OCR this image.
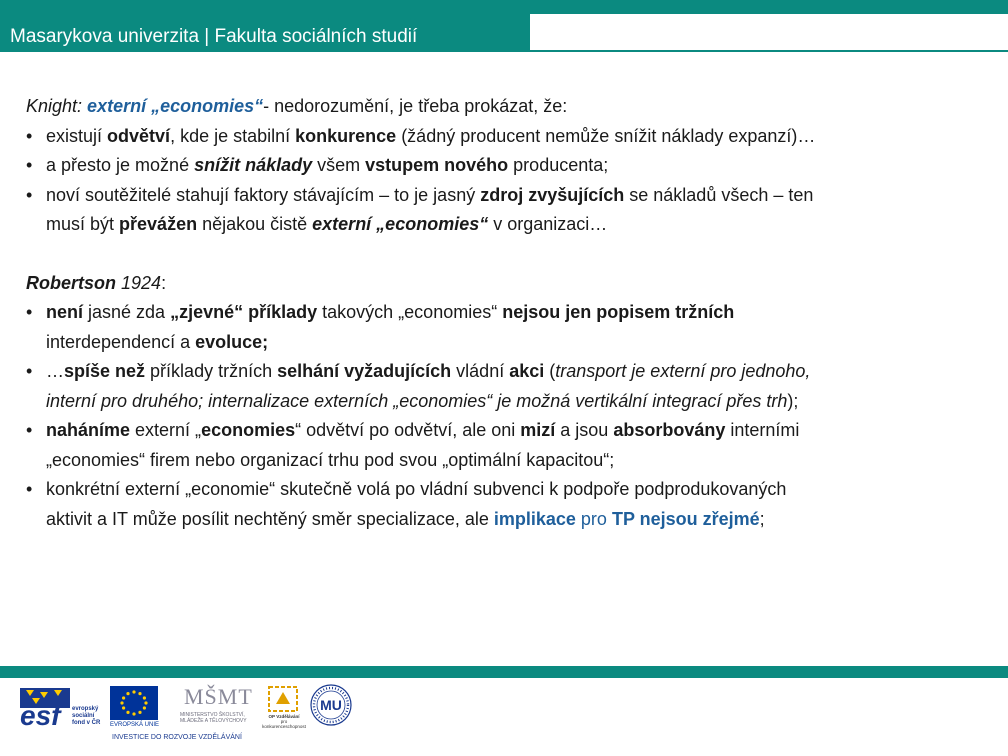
Masarykova univerzita | Fakulta sociálních studií
Knight: externí „economies“- nedorozumění, je třeba prokázat, že:
• existují odvětví, kde je stabilní konkurence (žádný producent nemůže snížit náklady expanzí)…
• a přesto je možné snížit náklady všem vstupem nového producenta;
• noví soutěžitelé stahují faktory stávajícím – to je jasný zdroj zvyšujících se nákladů všech – ten
musí být převážen nějakou čistě externí „economies“ v organizaci…
Robertson 1924:
• není jasné zda „zjevné“ příklady takových „economies“ nejsou jen popisem tržních
interdependencí a evoluce;
• …spíše než příklady tržních selhání vyžadujících vládní akci (transport je externí pro jednoho,
interní pro druhého; internalizace externích „economies“ je možná vertikální integrací přes trh);
• naháníme externí „economies“ odvětví po odvětví, ale oni mizí a jsou absorbovány interními
„economies“ firem nebo organizací trhu pod svou „optimální kapacitou“;
• konkrétní externí „economie“ skutečně volá po vládní subvenci k podpoře podprodukovaných
aktivit a IT může posílit nechtěný směr specializace, ale implikace pro TP nejsou zřejmé;
esf evropský
sociální
fond v ČR EVROPSKÁ UNIE
MŠMT
MINISTERSTVO ŠKOLSTVÍ, MLÁDEŽE A TĚLOVÝCHOVY
OP Vzdělávání
pro konkurenceschopnost
MU
INVESTICE DO ROZVOJE VZDĚLÁVÁNÍ
